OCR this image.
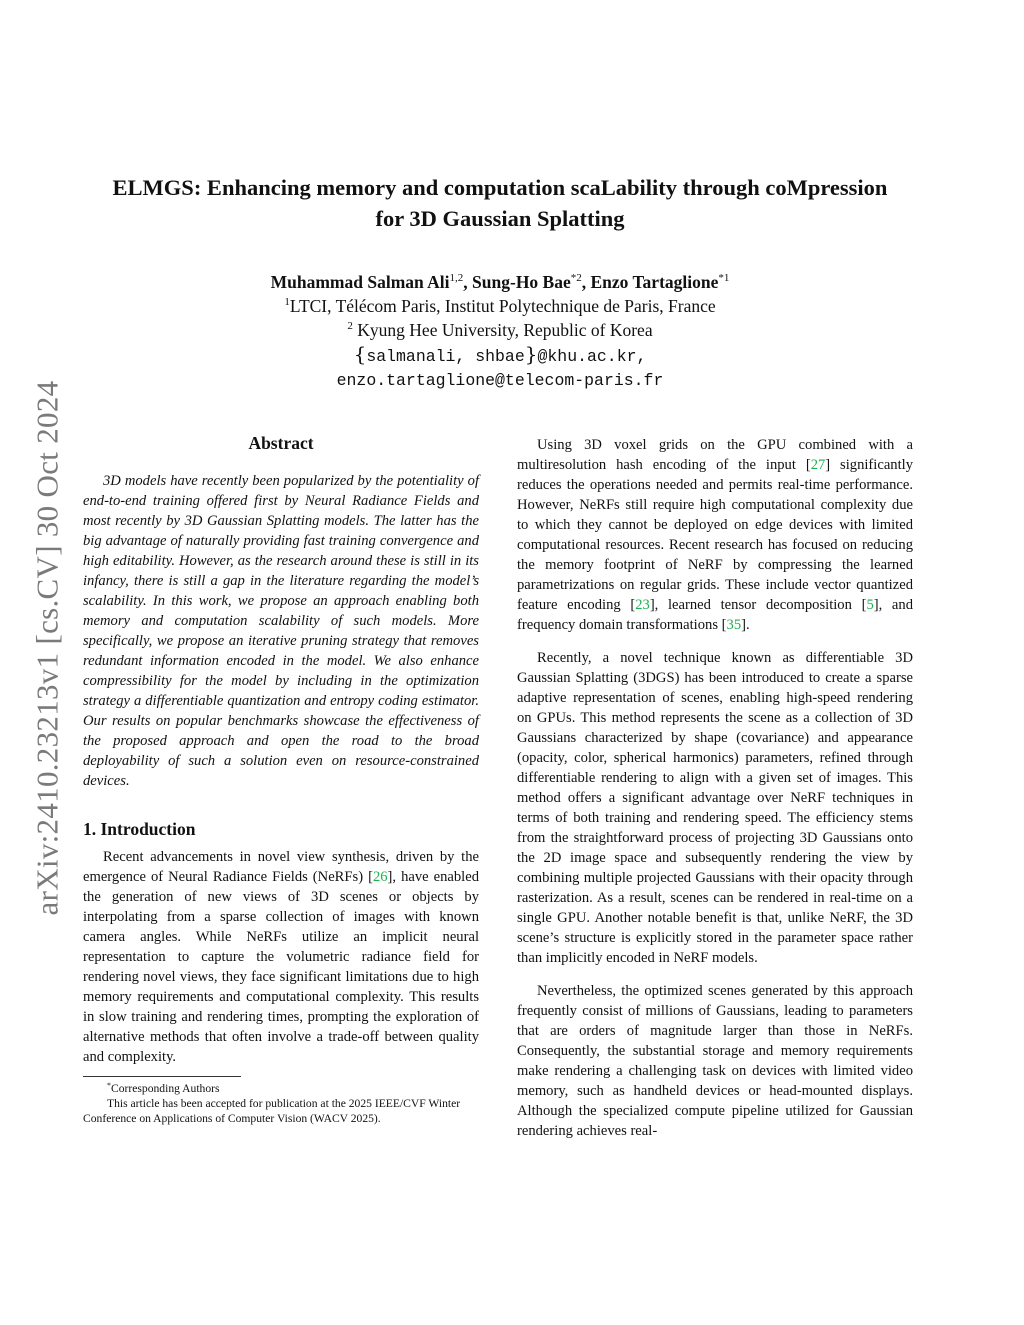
arXiv:2410.23213v1 [cs.CV] 30 Oct 2024
ELMGS: Enhancing memory and computation scaLability through coMpression
for 3D Gaussian Splatting
Muhammad Salman Ali$^{1,2}$, Sung-Ho Bae$^{*2}$, Enzo Tartaglione$^{*1}$
$^1$LTCI, Télécom Paris, Institut Polytechnique de Paris, France
$^2$ Kyung Hee University, Republic of Korea
{salmanali, shbae}@khu.ac.kr,
enzo.tartaglione@telecom-paris.fr
Abstract

3D models have recently been popularized by the potentiality of end-to-end training offered first by Neural Radiance Fields and most recently by 3D Gaussian Splatting models. The latter has the big advantage of naturally providing fast training convergence and high editability. However, as the research around these is still in its infancy, there is still a gap in the literature regarding the model’s scalability. In this work, we propose an approach enabling both memory and computation scalability of such models. More specifically, we propose an iterative pruning strategy that removes redundant information encoded in the model. We also enhance compressibility for the model by including in the optimization strategy a differentiable quantization and entropy coding estimator. Our results on popular benchmarks showcase the effectiveness of the proposed approach and open the road to the broad deployability of such a solution even on resource-constrained devices.

1. Introduction

Recent advancements in novel view synthesis, driven by the emergence of Neural Radiance Fields (NeRFs) [26], have enabled the generation of new views of 3D scenes or objects by interpolating from a sparse collection of images with known camera angles. While NeRFs utilize an implicit neural representation to capture the volumetric radiance field for rendering novel views, they face significant limitations due to high memory requirements and computational complexity. This results in slow training and rendering times, prompting the exploration of alternative methods that often involve a trade-off between quality and complexity.

*Corresponding Authors
This article has been accepted for publication at the 2025 IEEE/CVF Winter Conference on Applications of Computer Vision (WACV 2025).

Using 3D voxel grids on the GPU combined with a multiresolution hash encoding of the input [27] significantly reduces the operations needed and permits real-time performance. However, NeRFs still require high computational complexity due to which they cannot be deployed on edge devices with limited computational resources. Recent research has focused on reducing the memory footprint of NeRF by compressing the learned parametrizations on regular grids. These include vector quantized feature encoding [23], learned tensor decomposition [5], and frequency domain transformations [35].

Recently, a novel technique known as differentiable 3D Gaussian Splatting (3DGS) has been introduced to create a sparse adaptive representation of scenes, enabling high-speed rendering on GPUs. This method represents the scene as a collection of 3D Gaussians characterized by shape (covariance) and appearance (opacity, color, spherical harmonics) parameters, refined through differentiable rendering to align with a given set of images. This method offers a significant advantage over NeRF techniques in terms of both training and rendering speed. The efficiency stems from the straightforward process of projecting 3D Gaussians onto the 2D image space and subsequently rendering the view by combining multiple projected Gaussians with their opacity through rasterization. As a result, scenes can be rendered in real-time on a single GPU. Another notable benefit is that, unlike NeRF, the 3D scene’s structure is explicitly stored in the parameter space rather than implicitly encoded in NeRF models.

Nevertheless, the optimized scenes generated by this approach frequently consist of millions of Gaussians, leading to parameters that are orders of magnitude larger than those in NeRFs. Consequently, the substantial storage and memory requirements make rendering a challenging task on devices with limited video memory, such as handheld devices or head-mounted displays. Although the specialized compute pipeline utilized for Gaussian rendering achieves real-
